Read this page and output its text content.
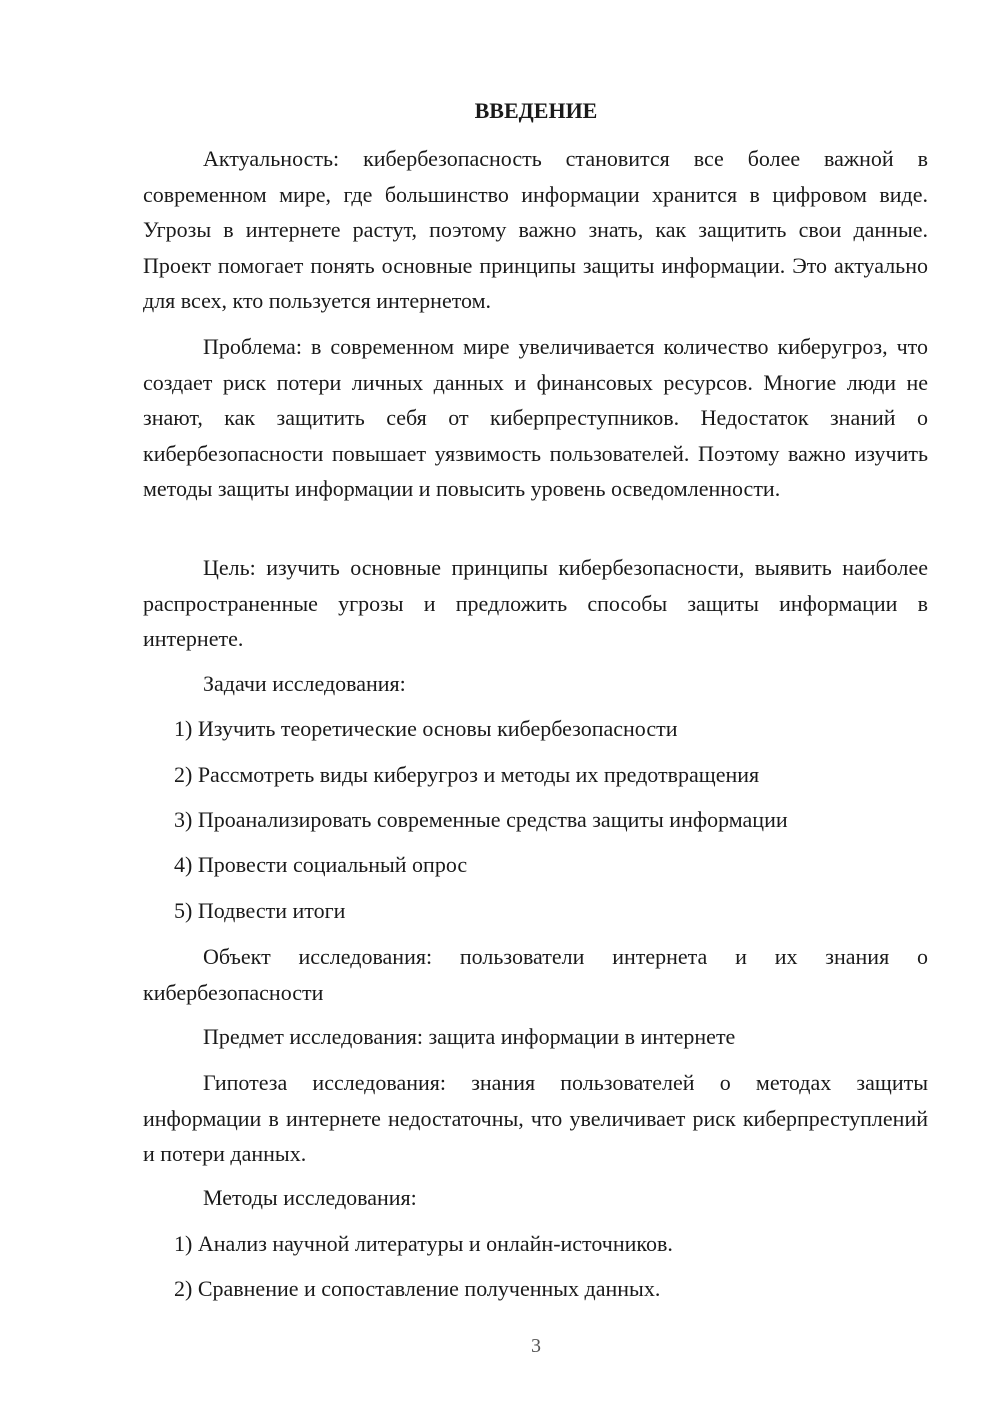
ВВЕДЕНИЕ
Актуальность: кибербезопасность становится все более важной в современном мире, где большинство информации хранится в цифровом виде. Угрозы в интернете растут, поэтому важно знать, как защитить свои данные. Проект помогает понять основные принципы защиты информации. Это актуально для всех, кто пользуется интернетом.
Проблема: в современном мире увеличивается количество киберугроз, что создает риск потери личных данных и финансовых ресурсов. Многие люди не знают, как защитить себя от киберпреступников. Недостаток знаний о кибербезопасности повышает уязвимость пользователей. Поэтому важно изучить методы защиты информации и повысить уровень осведомленности.
Цель: изучить основные принципы кибербезопасности, выявить наиболее распространенные угрозы и предложить способы защиты информации в интернете.
Задачи исследования:
1) Изучить теоретические основы кибербезопасности
2) Рассмотреть виды киберугроз и методы их предотвращения
3) Проанализировать современные средства защиты информации
4) Провести социальный опрос
5) Подвести итоги
Объект исследования: пользователи интернета и их знания о кибербезопасности
Предмет исследования: защита информации в интернете
Гипотеза исследования: знания пользователей о методах защиты информации в интернете недостаточны, что увеличивает риск киберпреступлений и потери данных.
Методы исследования:
1) Анализ научной литературы и онлайн-источников.
2) Сравнение и сопоставление полученных данных.
3
